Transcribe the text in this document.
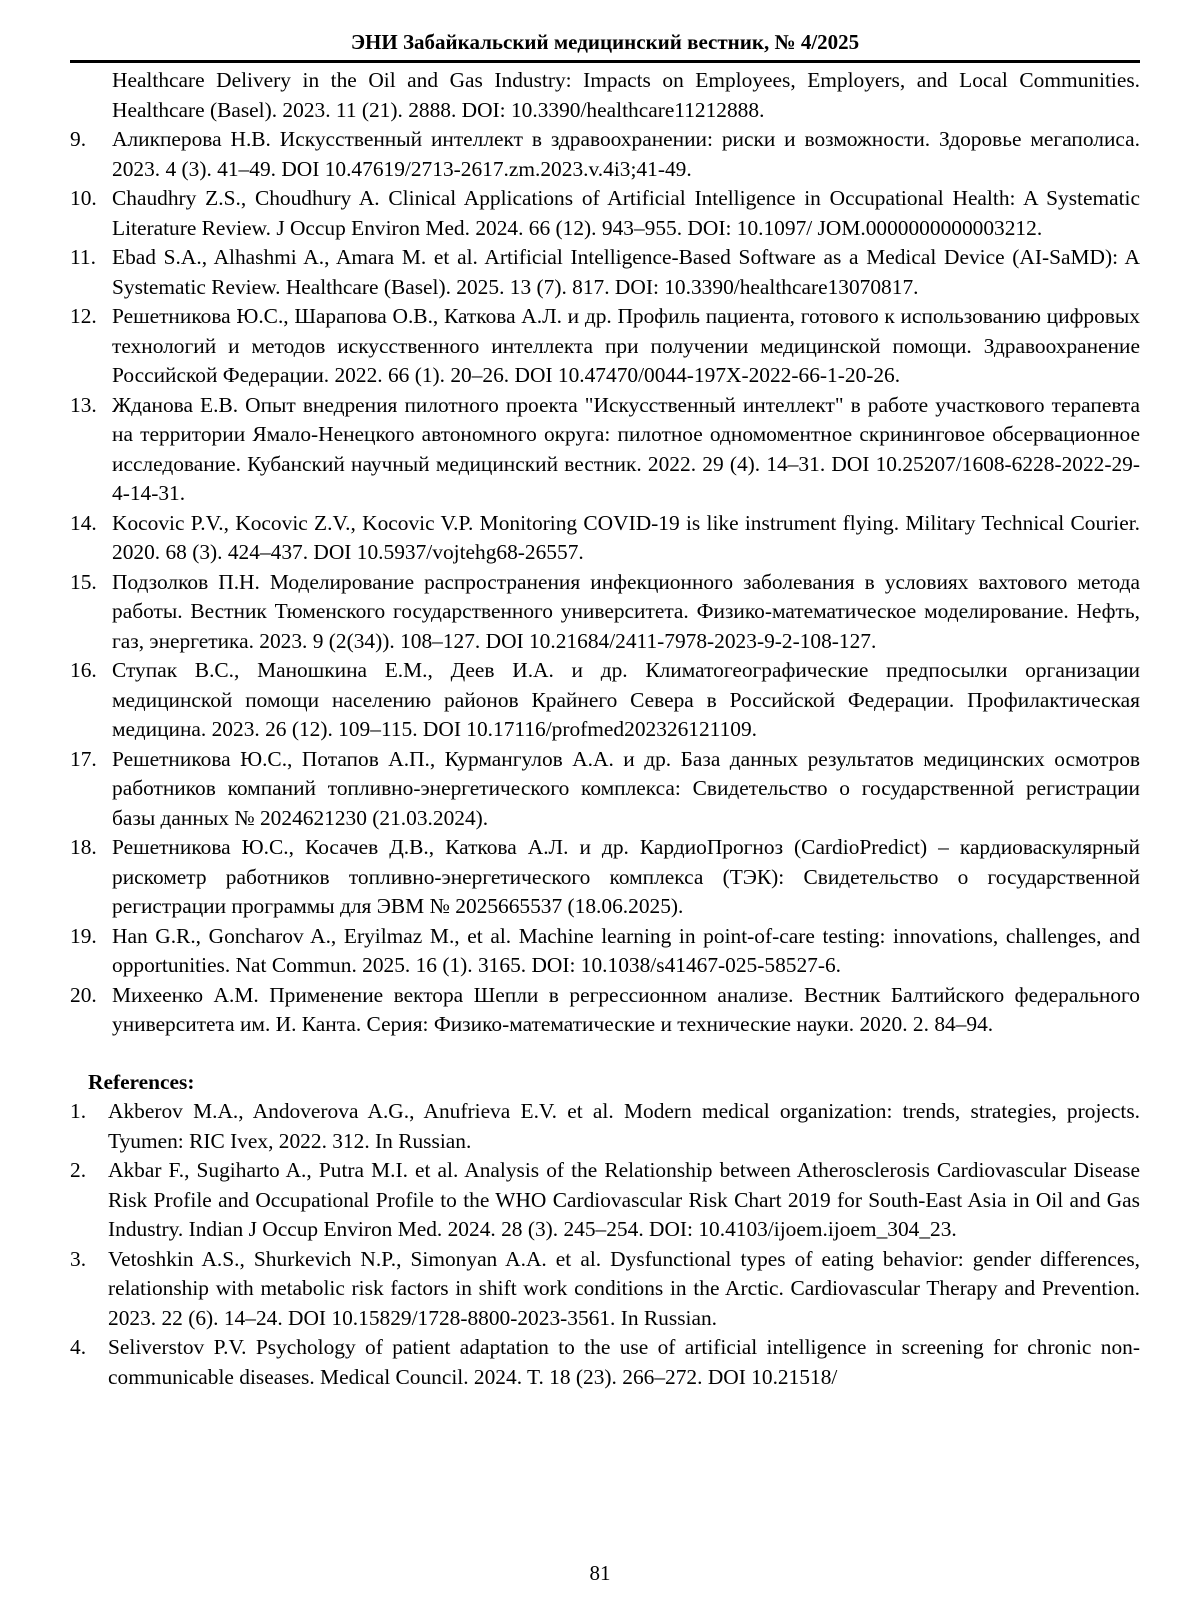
ЭНИ Забайкальский медицинский вестник, № 4/2025

Healthcare Delivery in the Oil and Gas Industry: Impacts on Employees, Employers, and Local Communities. Healthcare (Basel). 2023. 11 (21). 2888. DOI: 10.3390/healthcare11212888.

9. Аликперова Н.В. Искусственный интеллект в здравоохранении: риски и возможности. Здоровье мегаполиса. 2023. 4 (3). 41–49. DOI 10.47619/2713-2617.zm.2023.v.4i3;41-49.

10. Chaudhry Z.S., Choudhury A. Clinical Applications of Artificial Intelligence in Occupational Health: A Systematic Literature Review. J Occup Environ Med. 2024. 66 (12). 943–955. DOI: 10.1097/ JOM.0000000000003212.

11. Ebad S.A., Alhashmi A., Amara M. et al. Artificial Intelligence-Based Software as a Medical Device (AI-SaMD): A Systematic Review. Healthcare (Basel). 2025. 13 (7). 817. DOI: 10.3390/healthcare13070817.

12. Решетникова Ю.С., Шарапова О.В., Каткова А.Л. и др. Профиль пациента, готового к использованию цифровых технологий и методов искусственного интеллекта при получении медицинской помощи. Здравоохранение Российской Федерации. 2022. 66 (1). 20–26. DOI 10.47470/0044-197X-2022-66-1-20-26.

13. Жданова Е.В. Опыт внедрения пилотного проекта "Искусственный интеллект" в работе участкового терапевта на территории Ямало-Ненецкого автономного округа: пилотное одномоментное скрининговое обсервационное исследование. Кубанский научный медицинский вестник. 2022. 29 (4). 14–31. DOI 10.25207/1608-6228-2022-29-4-14-31.

14. Kocovic P.V., Kocovic Z.V., Kocovic V.P. Monitoring COVID-19 is like instrument flying. Military Technical Courier. 2020. 68 (3). 424–437. DOI 10.5937/vojtehg68-26557.

15. Подзолков П.Н. Моделирование распространения инфекционного заболевания в условиях вахтового метода работы. Вестник Тюменского государственного университета. Физико-математическое моделирование. Нефть, газ, энергетика. 2023. 9 (2(34)). 108–127. DOI 10.21684/2411-7978-2023-9-2-108-127.

16. Ступак В.С., Маношкина Е.М., Деев И.А. и др. Климатогеографические предпосылки организации медицинской помощи населению районов Крайнего Севера в Российской Федерации. Профилактическая медицина. 2023. 26 (12). 109–115. DOI 10.17116/profmed202326121109.

17. Решетникова Ю.С., Потапов А.П., Курмангулов А.А. и др. База данных результатов медицинских осмотров работников компаний топливно-энергетического комплекса: Свидетельство о государственной регистрации базы данных № 2024621230 (21.03.2024).

18. Решетникова Ю.С., Косачев Д.В., Каткова А.Л. и др. КардиоПрогноз (CardioPredict) – кардиоваскулярный рискометр работников топливно-энергетического комплекса (ТЭК): Свидетельство о государственной регистрации программы для ЭВМ № 2025665537 (18.06.2025).

19. Han G.R., Goncharov A., Eryilmaz M., et al. Machine learning in point-of-care testing: innovations, challenges, and opportunities. Nat Commun. 2025. 16 (1). 3165. DOI: 10.1038/s41467-025-58527-6.

20. Михеенко А.М. Применение вектора Шепли в регрессионном анализе. Вестник Балтийского федерального университета им. И. Канта. Серия: Физико-математические и технические науки. 2020. 2. 84–94.

References:

1. Akberov M.A., Andoverova A.G., Anufrieva E.V. et al. Modern medical organization: trends, strategies, projects. Tyumen: RIC Ivex, 2022. 312. In Russian.

2. Akbar F., Sugiharto A., Putra M.I. et al. Analysis of the Relationship between Atherosclerosis Cardiovascular Disease Risk Profile and Occupational Profile to the WHO Cardiovascular Risk Chart 2019 for South-East Asia in Oil and Gas Industry. Indian J Occup Environ Med. 2024. 28 (3). 245–254. DOI: 10.4103/ijoem.ijoem_304_23.

3. Vetoshkin A.S., Shurkevich N.P., Simonyan A.A. et al. Dysfunctional types of eating behavior: gender differences, relationship with metabolic risk factors in shift work conditions in the Arctic. Cardiovascular Therapy and Prevention. 2023. 22 (6). 14–24. DOI 10.15829/1728-8800-2023-3561. In Russian.

4. Seliverstov P.V. Psychology of patient adaptation to the use of artificial intelligence in screening for chronic non-communicable diseases. Medical Council. 2024. T. 18 (23). 266–272. DOI 10.21518/

81
